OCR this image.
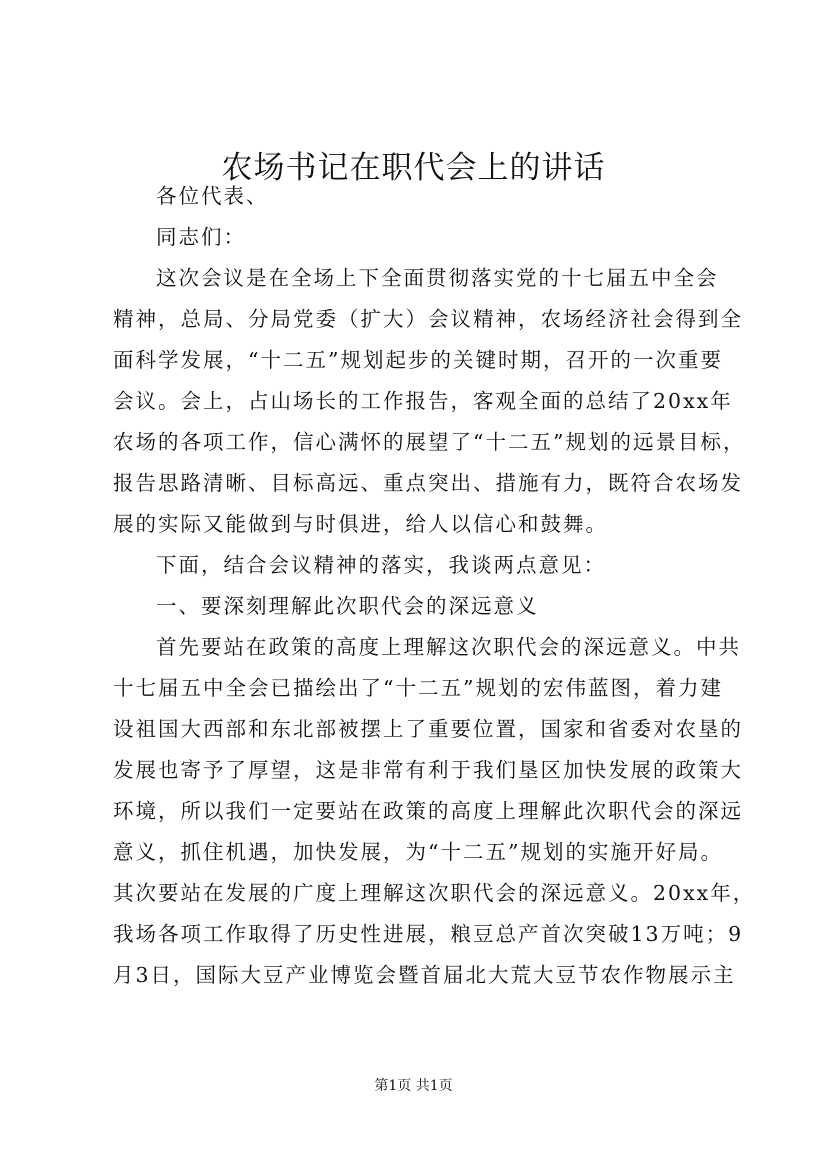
农场书记在职代会上的讲话
各位代表、
同志们：
这次会议是在全场上下全面贯彻落实党的十七届五中全会
精神，总局、分局党委（扩大）会议精神，农场经济社会得到全
面科学发展，“十二五”规划起步的关键时期，召开的一次重要
会议。会上，占山场长的工作报告，客观全面的总结了20xx年
农场的各项工作，信心满怀的展望了“十二五”规划的远景目标，
报告思路清晰、目标高远、重点突出、措施有力，既符合农场发
展的实际又能做到与时俱进，给人以信心和鼓舞。
下面，结合会议精神的落实，我谈两点意见：
一、要深刻理解此次职代会的深远意义
首先要站在政策的高度上理解这次职代会的深远意义。中共
十七届五中全会已描绘出了“十二五”规划的宏伟蓝图，着力建
设祖国大西部和东北部被摆上了重要位置，国家和省委对农垦的
发展也寄予了厚望，这是非常有利于我们垦区加快发展的政策大
环境，所以我们一定要站在政策的高度上理解此次职代会的深远
意义，抓住机遇，加快发展，为“十二五”规划的实施开好局。
其次要站在发展的广度上理解这次职代会的深远意义。20xx年，
我场各项工作取得了历史性进展，粮豆总产首次突破13万吨；9
月3日，国际大豆产业博览会暨首届北大荒大豆节农作物展示主
第1页 共1页
